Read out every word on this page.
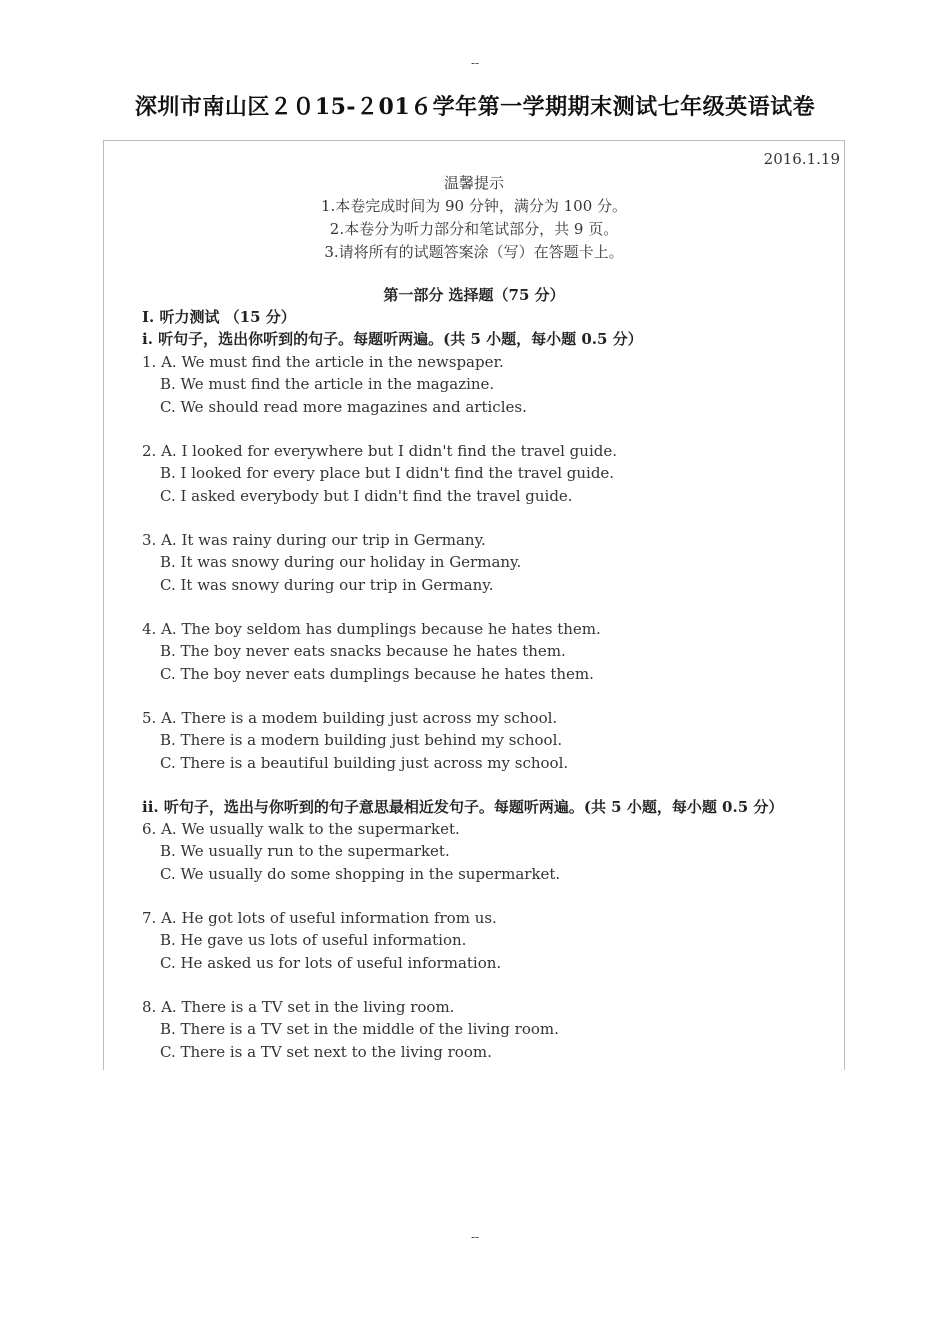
--
深圳市南山区２０15-２01６学年第一学期期末测试七年级英语试卷
2016.1.19
温馨提示
1.本卷完成时间为 90 分钟，满分为 100 分。
2.本卷分为听力部分和笔试部分，共 9 页。
3.请将所有的试题答案涂（写）在答题卡上。
第一部分 选择题（75 分）
I. 听力测试 （15 分）
i. 听句子，选出你听到的句子。每题听两遍。(共 5 小题，每小题 0.5 分）
1. A. We must find the article in the newspaper.
B. We must find the article in the magazine.
C. We should read more magazines and articles.
2. A. I looked for everywhere but I didn't find the travel guide.
B. I looked for every place but I didn't find the travel guide.
C. I asked everybody but I didn't find the travel guide.
3. A. It was rainy during our trip in Germany.
B. It was snowy during our holiday in Germany.
C. It was snowy during our trip in Germany.
4. A. The boy seldom has dumplings because he hates them.
B. The boy never eats snacks because he hates them.
C. The boy never eats dumplings because he hates them.
5. A. There is a modem building just across my school.
B. There is a modern building just behind my school.
C. There is a beautiful building just across my school.
ii. 听句子，选出与你听到的句子意思最相近发句子。每题听两遍。(共 5 小题，每小题 0.5 分）
6. A. We usually walk to the supermarket.
B. We usually run to the supermarket.
C. We usually do some shopping in the supermarket.
7. A. He got lots of useful information from us.
B. He gave us lots of useful information.
C. He asked us for lots of useful information.
8. A. There is a TV set in the living room.
B. There is a TV set in the middle of the living room.
C. There is a TV set next to the living room.
--
